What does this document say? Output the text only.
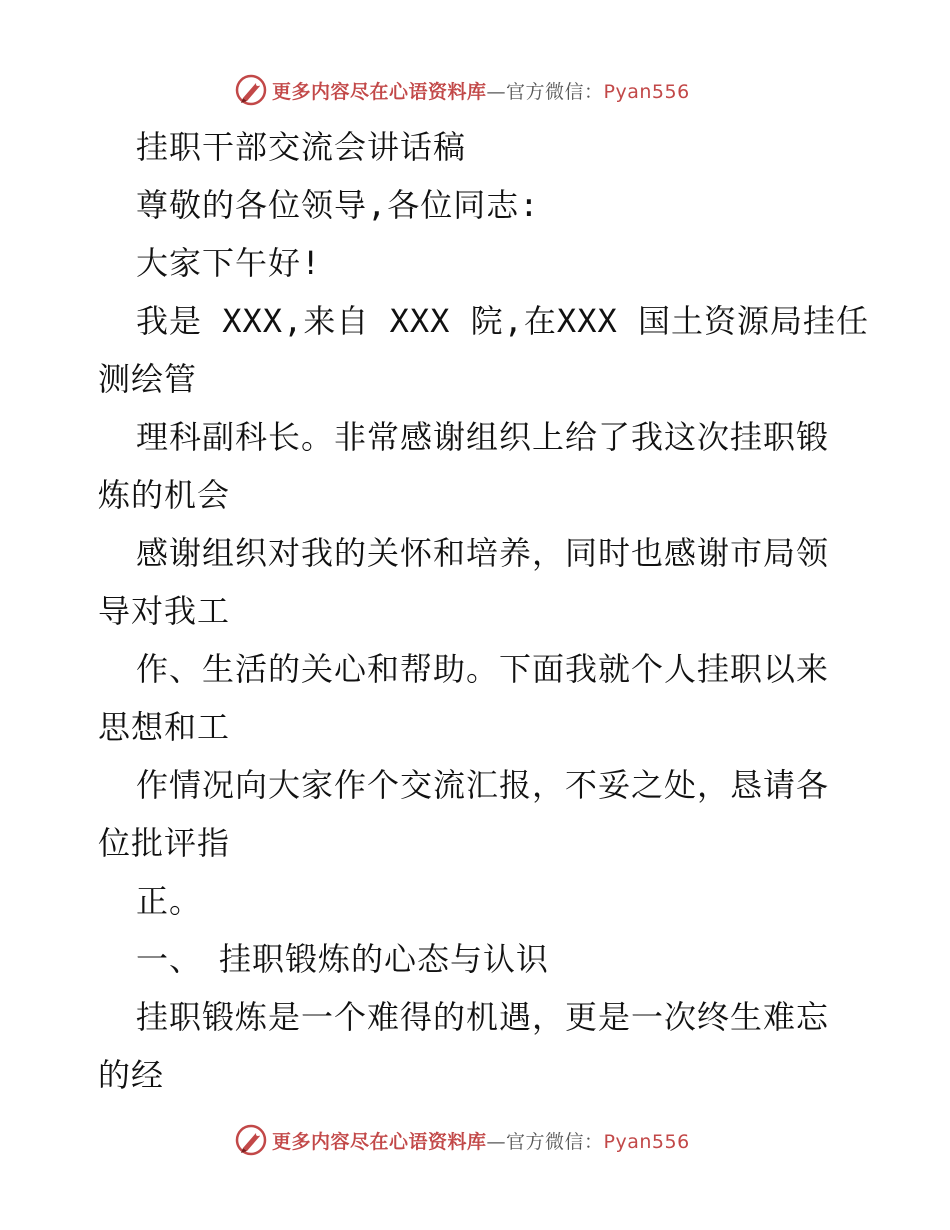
更多内容尽在心语资料库—官方微信：Pyan556
挂职干部交流会讲话稿
尊敬的各位领导,各位同志:
大家下午好!
我是 XXX,来自 XXX 院,在XXX 国土资源局挂任
测绘管
理科副科长。非常感谢组织上给了我这次挂职锻
炼的机会
感谢组织对我的关怀和培养，同时也感谢市局领
导对我工
作、生活的关心和帮助。下面我就个人挂职以来
思想和工
作情况向大家作个交流汇报，不妥之处，恳请各
位批评指
正。
一、　挂职锻炼的心态与认识
挂职锻炼是一个难得的机遇，更是一次终生难忘
的经
更多内容尽在心语资料库—官方微信：Pyan556
